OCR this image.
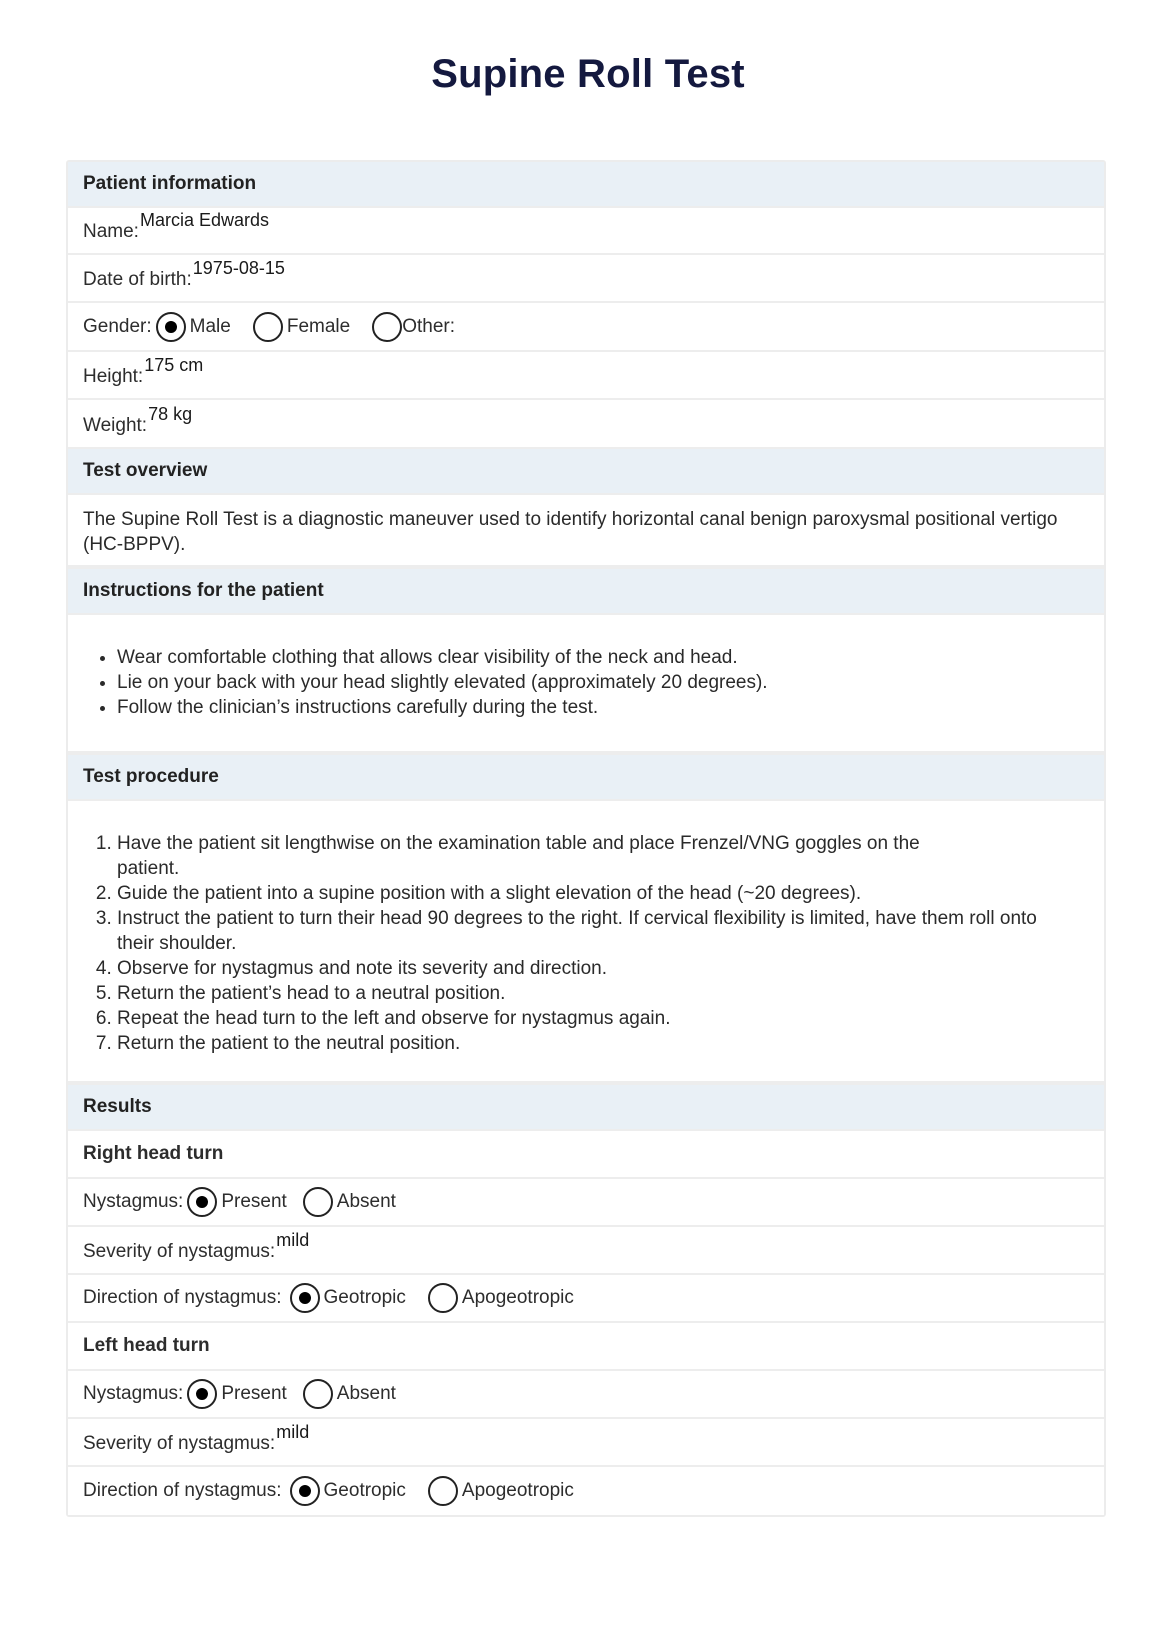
Supine Roll Test
Patient information
Name:
Marcia Edwards
Date of birth:
1975-08-15
Gender: Male	Female	Other:
Height:
175 cm
Weight:
78 kg
Test overview
The Supine Roll Test is a diagnostic maneuver used to identify horizontal canal benign paroxysmal positional vertigo (HC-BPPV).
Instructions for the patient
• Wear comfortable clothing that allows clear visibility of the neck and head.
• Lie on your back with your head slightly elevated (approximately 20 degrees).
• Follow the clinician’s instructions carefully during the test.
Test procedure
1. Have the patient sit lengthwise on the examination table and place Frenzel/VNG goggles on the patient.
2. Guide the patient into a supine position with a slight elevation of the head (~20 degrees).
3. Instruct the patient to turn their head 90 degrees to the right. If cervical flexibility is limited, have them roll onto their shoulder.
4. Observe for nystagmus and note its severity and direction.
5. Return the patient’s head to a neutral position.
6. Repeat the head turn to the left and observe for nystagmus again.
7. Return the patient to the neutral position.
Results
Right head turn
Nystagmus: Present	Absent
Severity of nystagmus:
mild
Direction of nystagmus: Geotropic	Apogeotropic
Left head turn
Nystagmus: Present	Absent
Severity of nystagmus:
mild
Direction of nystagmus: Geotropic	Apogeotropic
